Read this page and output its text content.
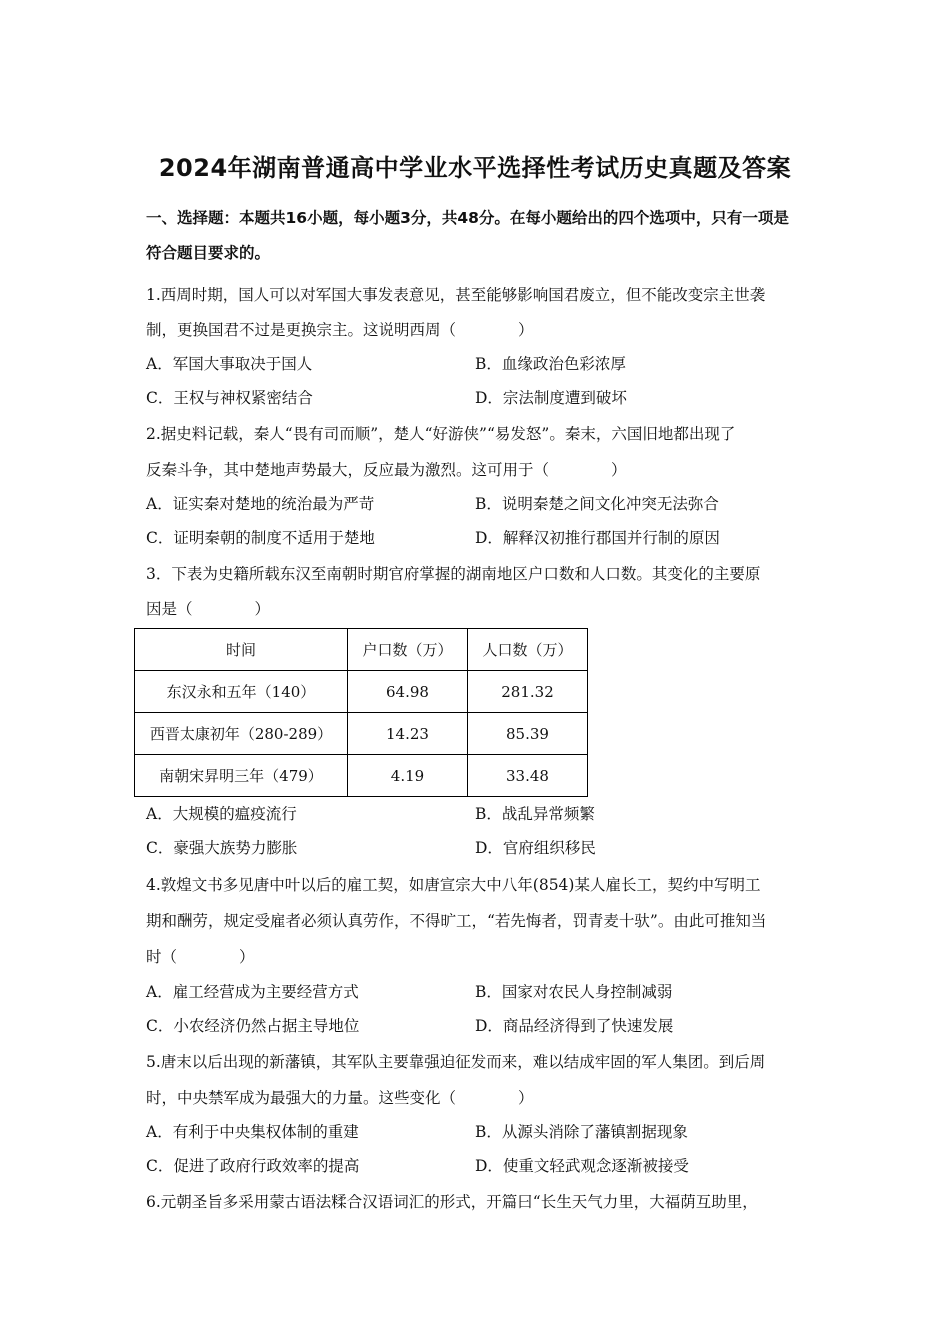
2024年湖南普通高中学业水平选择性考试历史真题及答案
一、选择题：本题共16小题，每小题3分，共48分。在每小题给出的四个选项中，只有一项是
符合题目要求的。
1.西周时期，国人可以对军国大事发表意见，甚至能够影响国君废立，但不能改变宗主世袭
制，更换国君不过是更换宗主。这说明西周（　　　　）
A．军国大事取决于国人	B．血缘政治色彩浓厚
C．王权与神权紧密结合	D．宗法制度遭到破坏
2.据史料记载，秦人“畏有司而顺”，楚人“好游侠”“易发怒”。秦末，六国旧地都出现了
反秦斗争，其中楚地声势最大，反应最为激烈。这可用于（　　　　）
A．证实秦对楚地的统治最为严苛	B．说明秦楚之间文化冲突无法弥合
C．证明秦朝的制度不适用于楚地	D．解释汉初推行郡国并行制的原因
3．下表为史籍所载东汉至南朝时期官府掌握的湖南地区户口数和人口数。其变化的主要原
因是（　　　　）
时间	户口数（万）	人口数（万）
东汉永和五年（140）	64.98	281.32
西晋太康初年（280-289）	14.23	85.39
南朝宋昇明三年（479）	4.19	33.48
A．大规模的瘟疫流行	B．战乱异常频繁
C．豪强大族势力膨胀	D．官府组织移民
4.敦煌文书多见唐中叶以后的雇工契，如唐宣宗大中八年(854)某人雇长工，契约中写明工
期和酬劳，规定受雇者必须认真劳作，不得旷工，“若先悔者，罚青麦十驮”。由此可推知当
时（　　　　）
A．雇工经营成为主要经营方式	B．国家对农民人身控制减弱
C．小农经济仍然占据主导地位	D．商品经济得到了快速发展
5.唐末以后出现的新藩镇，其军队主要靠强迫征发而来，难以结成牢固的军人集团。到后周
时，中央禁军成为最强大的力量。这些变化（　　　　）
A．有利于中央集权体制的重建	B．从源头消除了藩镇割据现象
C．促进了政府行政效率的提高	D．使重文轻武观念逐渐被接受
6.元朝圣旨多采用蒙古语法糅合汉语词汇的形式，开篇曰“长生天气力里，大福荫互助里，
